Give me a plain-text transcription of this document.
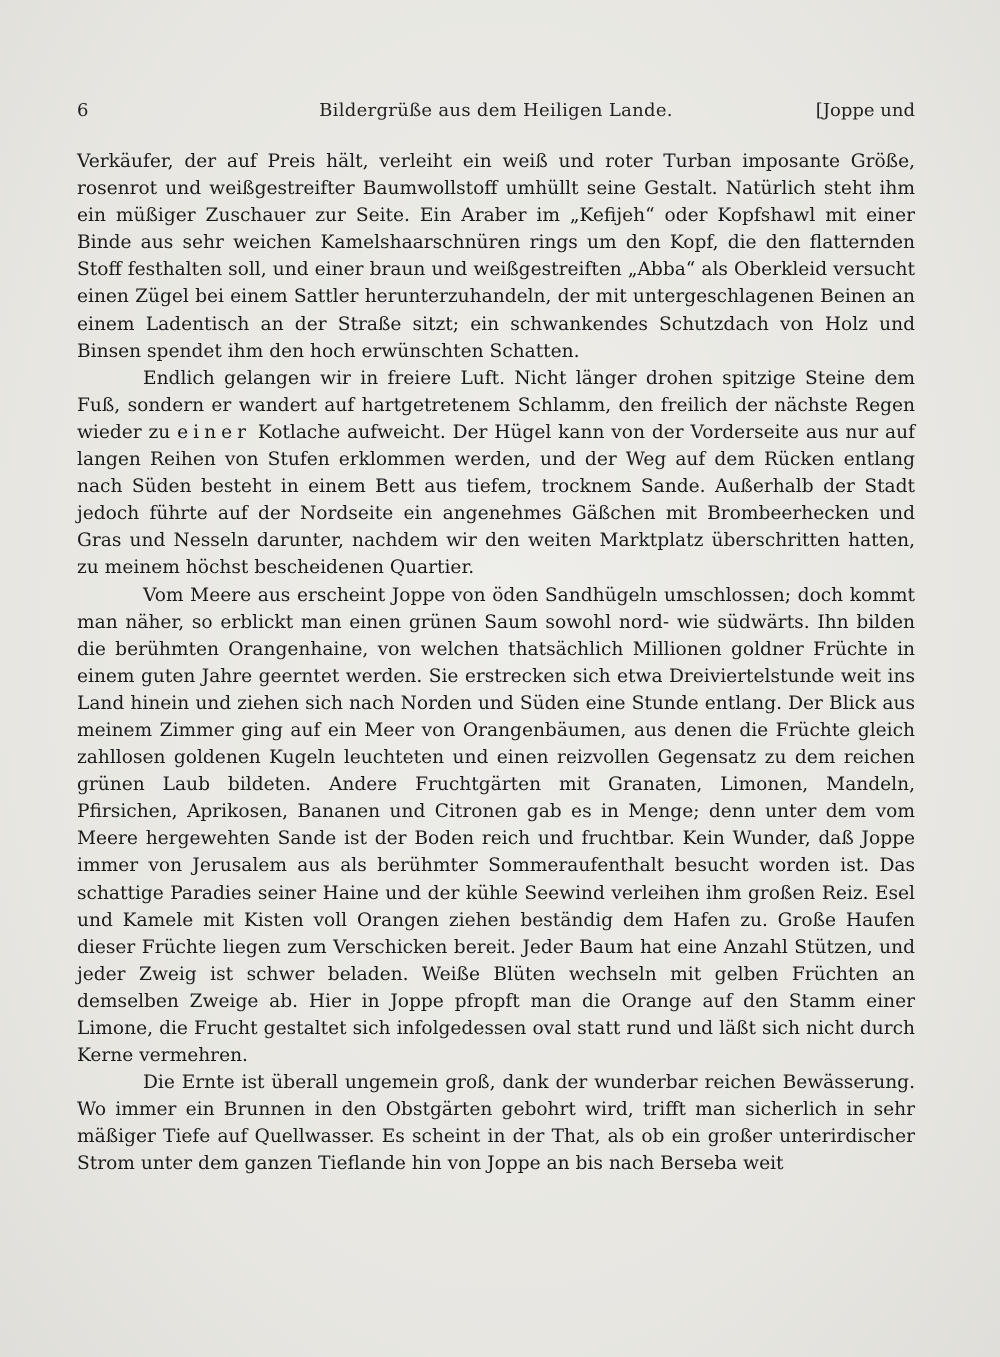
6	Bildergrüße aus dem Heiligen Lande.	[Joppe und

Verkäufer, der auf Preis hält, verleiht ein weiß und roter Turban imposante Größe, rosenrot und weißgestreifter Baumwollstoff umhüllt seine Gestalt. Natürlich steht ihm ein müßiger Zuschauer zur Seite. Ein Araber im „Kefijeh“ oder Kopfshawl mit einer Binde aus sehr weichen Kamelshaarschnüren rings um den Kopf, die den flatternden Stoff festhalten soll, und einer braun und weißgestreiften „Abba“ als Oberkleid versucht einen Zügel bei einem Sattler herunterzuhandeln, der mit untergeschlagenen Beinen an einem Ladentisch an der Straße sitzt; ein schwankendes Schutzdach von Holz und Binsen spendet ihm den hoch erwünschten Schatten.

Endlich gelangen wir in freiere Luft. Nicht länger drohen spitzige Steine dem Fuß, sondern er wandert auf hartgetretenem Schlamm, den freilich der nächste Regen wieder zu einer Kotlache aufweicht. Der Hügel kann von der Vorderseite aus nur auf langen Reihen von Stufen erklommen werden, und der Weg auf dem Rücken entlang nach Süden besteht in einem Bett aus tiefem, trocknem Sande. Außerhalb der Stadt jedoch führte auf der Nordseite ein angenehmes Gäßchen mit Brombeerhecken und Gras und Nesseln darunter, nachdem wir den weiten Marktplatz überschritten hatten, zu meinem höchst bescheidenen Quartier.

Vom Meere aus erscheint Joppe von öden Sandhügeln umschlossen; doch kommt man näher, so erblickt man einen grünen Saum sowohl nord- wie südwärts. Ihn bilden die berühmten Orangenhaine, von welchen thatsächlich Millionen goldner Früchte in einem guten Jahre geerntet werden. Sie erstrecken sich etwa Dreiviertelstunde weit ins Land hinein und ziehen sich nach Norden und Süden eine Stunde entlang. Der Blick aus meinem Zimmer ging auf ein Meer von Orangenbäumen, aus denen die Früchte gleich zahllosen goldenen Kugeln leuchteten und einen reizvollen Gegensatz zu dem reichen grünen Laub bildeten. Andere Fruchtgärten mit Granaten, Limonen, Mandeln, Pfirsichen, Aprikosen, Bananen und Citronen gab es in Menge; denn unter dem vom Meere hergewehten Sande ist der Boden reich und fruchtbar. Kein Wunder, daß Joppe immer von Jerusalem aus als berühmter Sommeraufenthalt besucht worden ist. Das schattige Paradies seiner Haine und der kühle Seewind verleihen ihm großen Reiz. Esel und Kamele mit Kisten voll Orangen ziehen beständig dem Hafen zu. Große Haufen dieser Früchte liegen zum Verschicken bereit. Jeder Baum hat eine Anzahl Stützen, und jeder Zweig ist schwer beladen. Weiße Blüten wechseln mit gelben Früchten an demselben Zweige ab. Hier in Joppe pfropft man die Orange auf den Stamm einer Limone, die Frucht gestaltet sich infolgedessen oval statt rund und läßt sich nicht durch Kerne vermehren.

Die Ernte ist überall ungemein groß, dank der wunderbar reichen Bewässerung. Wo immer ein Brunnen in den Obstgärten gebohrt wird, trifft man sicherlich in sehr mäßiger Tiefe auf Quellwasser. Es scheint in der That, als ob ein großer unterirdischer Strom unter dem ganzen Tieflande hin von Joppe an bis nach Berseba weit
